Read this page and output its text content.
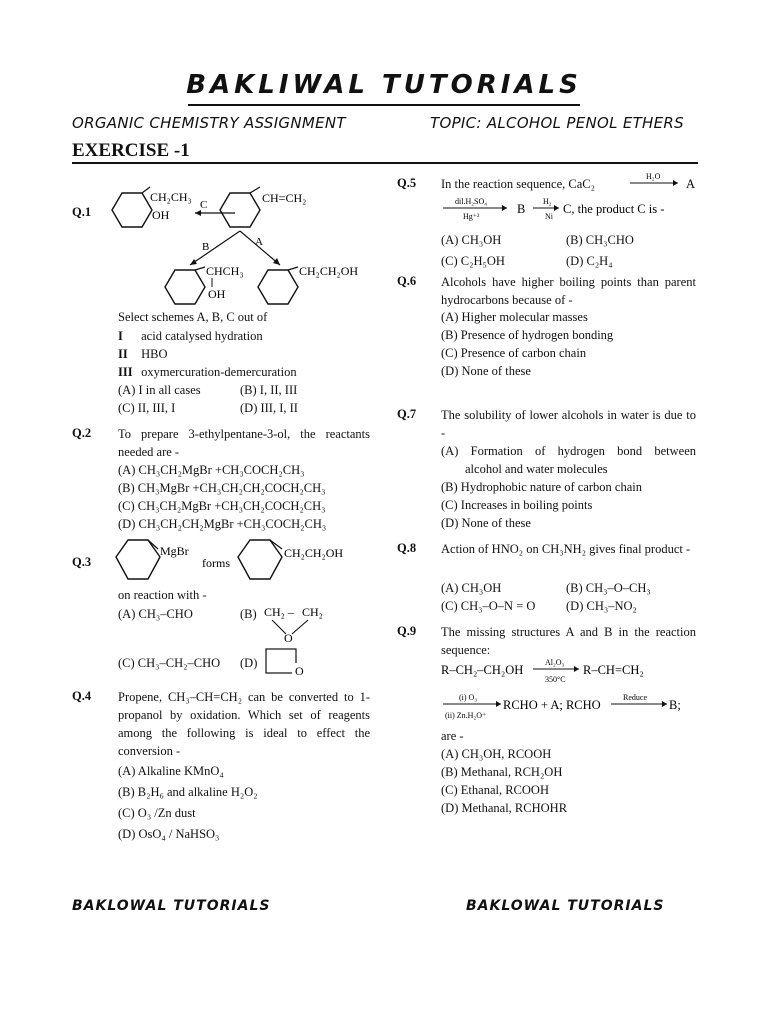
BAKLIWAL TUTORIALS
ORGANIC CHEMISTRY ASSIGNMENT	TOPIC: ALCOHOL PENOL ETHERS
EXERCISE -1
Q.1
CH₂CH₃
OH
C	CH=CH₂
B	A
CHCH₃
OH
CH₂CH₂OH
Select schemes A, B, C out of
I acid catalysed hydration
II HBO
III oxymercuration-demercuration
(A) I in all cases	(B) I, II, III
(C) II, III, I	(D) III, I, II
Q.2 To prepare 3-ethylpentane-3-ol, the reactants needed are -
(A) CH₃CH₂MgBr +CH₃COCH₂CH₃
(B) CH₃MgBr +CH₃CH₂CH₂COCH₂CH₃
(C) CH₃CH₂MgBr +CH₃CH₂COCH₂CH₃
(D) CH₃CH₂CH₂MgBr +CH₃COCH₂CH₃
Q.3
MgBr
forms
CH₂CH₂OH
on reaction with -
(A) CH₃–CHO	(B) CH₂ – CH₂
O
(C) CH₃–CH₂–CHO (D)
O
Q.4 Propene, CH₃–CH=CH₂ can be converted to 1-propanol by oxidation. Which set of reagents among the following is ideal to effect the conversion -
(A) Alkaline KMnO₄
(B) B₂H₆ and alkaline H₂O₂
(C) O₃ /Zn dust
(D) OsO₄ / NaHSO₃
Q.5 In the reaction sequence, CaC₂
H₂O
A
dil.H₂SO₄
Hg⁺²
B
H₂
Ni
C, the product C is -
(A) CH₃OH	(B) CH₃CHO
(C) C₂H₅OH	(D) C₂H₄
Q.6 Alcohols have higher boiling points than parent hydrocarbons because of -
(A) Higher molecular masses
(B) Presence of hydrogen bonding
(C) Presence of carbon chain
(D) None of these
Q.7 The solubility of lower alcohols in water is due to -
(A) Formation of hydrogen bond between
alcohol and water molecules
(B) Hydrophobic nature of carbon chain
(C) Increases in boiling points
(D) None of these
Q.8 Action of HNO₂ on CH₃NH₂ gives final product -
(A) CH₃OH	(B) CH₃–O–CH₃
(C) CH₃–O–N = O (D) CH₃–NO₂
Q.9 The missing structures A and B in the reaction sequence:
R–CH₂–CH₂OH
Al₂O₃
350°C
R–CH=CH₂
(i) O₃
(ii) Zn.H₂O⁺
RCHO + A; RCHO
Reduce
B;
are -
(A) CH₃OH, RCOOH
(B) Methanal, RCH₂OH
(C) Ethanal, RCOOH
(D) Methanal, RCHOHR
BAKLOWAL TUTORIALS	BAKLOWAL TUTORIALS
